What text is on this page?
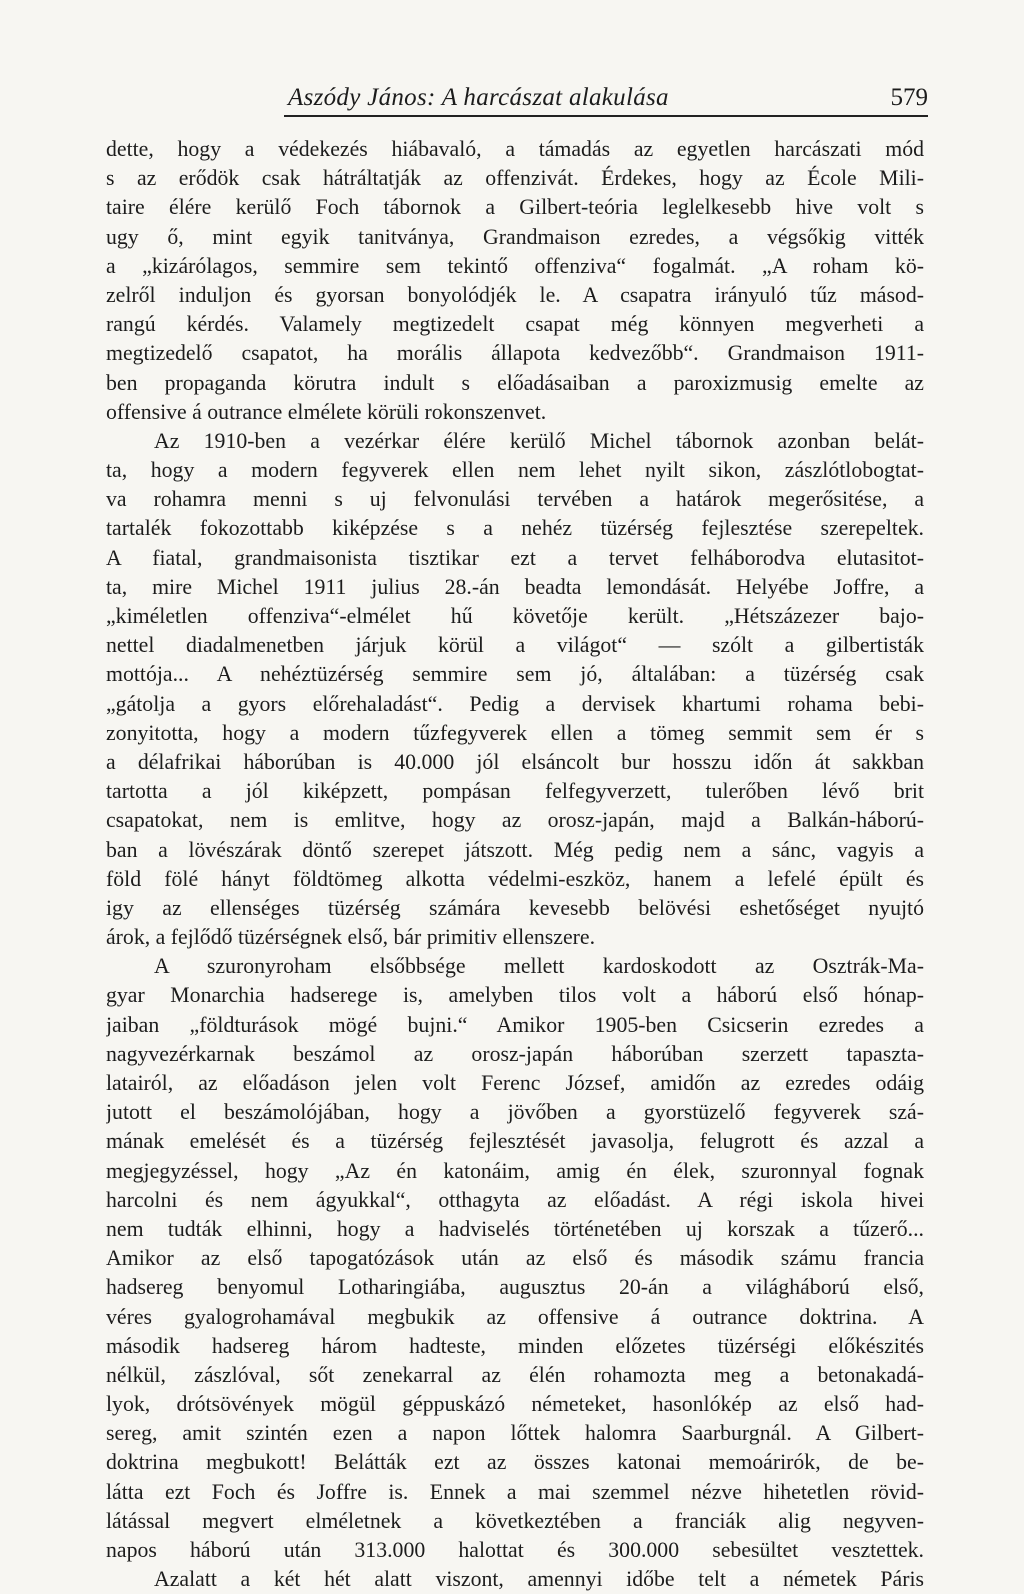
Aszódy János: A harcászat alakulása	579
dette, hogy a védekezés hiábavaló, a támadás az egyetlen harcászati mód
s az erődök csak hátráltatják az offenzivát. Érdekes, hogy az École Mili-
taire élére kerülő Foch tábornok a Gilbert-teória leglelkesebb hive volt s
ugy ő, mint egyik tanitványa, Grandmaison ezredes, a végsőkig vitték
a „kizárólagos, semmire sem tekintő offenziva“ fogalmát. „A roham kö-
zelről induljon és gyorsan bonyolódjék le. A csapatra irányuló tűz másod-
rangú kérdés. Valamely megtizedelt csapat még könnyen megverheti a
megtizedelő csapatot, ha morális állapota kedvezőbb“. Grandmaison 1911-
ben propaganda körutra indult s előadásaiban a paroxizmusig emelte az
offensive á outrance elmélete körüli rokonszenvet.
Az 1910-ben a vezérkar élére kerülő Michel tábornok azonban belát-
ta, hogy a modern fegyverek ellen nem lehet nyilt sikon, zászlótlobogtat-
va rohamra menni s uj felvonulási tervében a határok megerősitése, a
tartalék fokozottabb kiképzése s a nehéz tüzérség fejlesztése szerepeltek.
A fiatal, grandmaisonista tisztikar ezt a tervet felháborodva elutasitot-
ta, mire Michel 1911 julius 28.-án beadta lemondását. Helyébe Joffre, a
„kiméletlen offenziva“-elmélet hű követője került. „Hétszázezer bajo-
nettel diadalmenetben járjuk körül a világot“ — szólt a gilbertisták
mottója... A nehéztüzérség semmire sem jó, általában: a tüzérség csak
„gátolja a gyors előrehaladást“. Pedig a dervisek khartumi rohama bebi-
zonyitotta, hogy a modern tűzfegyverek ellen a tömeg semmit sem ér s
a délafrikai háborúban is 40.000 jól elsáncolt bur hosszu időn át sakkban
tartotta a jól kiképzett, pompásan felfegyverzett, tulerőben lévő brit
csapatokat, nem is emlitve, hogy az orosz-japán, majd a Balkán-háború-
ban a lövészárak döntő szerepet játszott. Még pedig nem a sánc, vagyis a
föld fölé hányt földtömeg alkotta védelmi-eszköz, hanem a lefelé épült és
igy az ellenséges tüzérség számára kevesebb belövési eshetőséget nyujtó
árok, a fejlődő tüzérségnek első, bár primitiv ellenszere.
A szuronyroham elsőbbsége mellett kardoskodott az Osztrák-Ma-
gyar Monarchia hadserege is, amelyben tilos volt a háború első hónap-
jaiban „földturások mögé bujni.“ Amikor 1905-ben Csicserin ezredes a
nagyvezérkarnak beszámol az orosz-japán háborúban szerzett tapaszta-
latairól, az előadáson jelen volt Ferenc József, amidőn az ezredes odáig
jutott el beszámolójában, hogy a jövőben a gyorstüzelő fegyverek szá-
mának emelését és a tüzérség fejlesztését javasolja, felugrott és azzal a
megjegyzéssel, hogy „Az én katonáim, amig én élek, szuronnyal fognak
harcolni és nem ágyukkal“, otthagyta az előadást. A régi iskola hivei
nem tudták elhinni, hogy a hadviselés történetében uj korszak a tűzerő...
Amikor az első tapogatózások után az első és második számu francia
hadsereg benyomul Lotharingiába, augusztus 20-án a világháború első,
véres gyalogrohamával megbukik az offensive á outrance doktrina. A
második hadsereg három hadteste, minden előzetes tüzérségi előkészités
nélkül, zászlóval, sőt zenekarral az élén rohamozta meg a betonakadá-
lyok, drótsövények mögül géppuskázó németeket, hasonlókép az első had-
sereg, amit szintén ezen a napon lőttek halomra Saarburgnál. A Gilbert-
doktrina megbukott! Belátták ezt az összes katonai memoárirók, de be-
látta ezt Foch és Joffre is. Ennek a mai szemmel nézve hihetetlen rövid-
látással megvert elméletnek a következtében a franciák alig negyven-
napos háború után 313.000 halottat és 300.000 sebesültet vesztettek.
Azalatt a két hét alatt viszont, amennyi időbe telt a németek Páris
